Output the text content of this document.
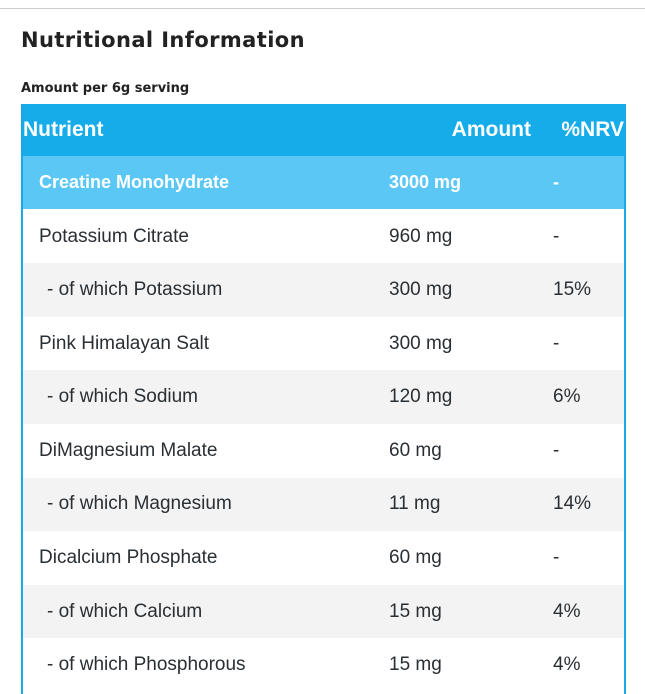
Nutritional Information

Amount per 6g serving

Nutrient	Amount	%NRV
Creatine Monohydrate	3000 mg	-
Potassium Citrate	960 mg	-
- of which Potassium	300 mg	15%
Pink Himalayan Salt	300 mg	-
- of which Sodium	120 mg	6%
DiMagnesium Malate	60 mg	-
- of which Magnesium	11 mg	14%
Dicalcium Phosphate	60 mg	-
- of which Calcium	15 mg	4%
- of which Phosphorous	15 mg	4%
